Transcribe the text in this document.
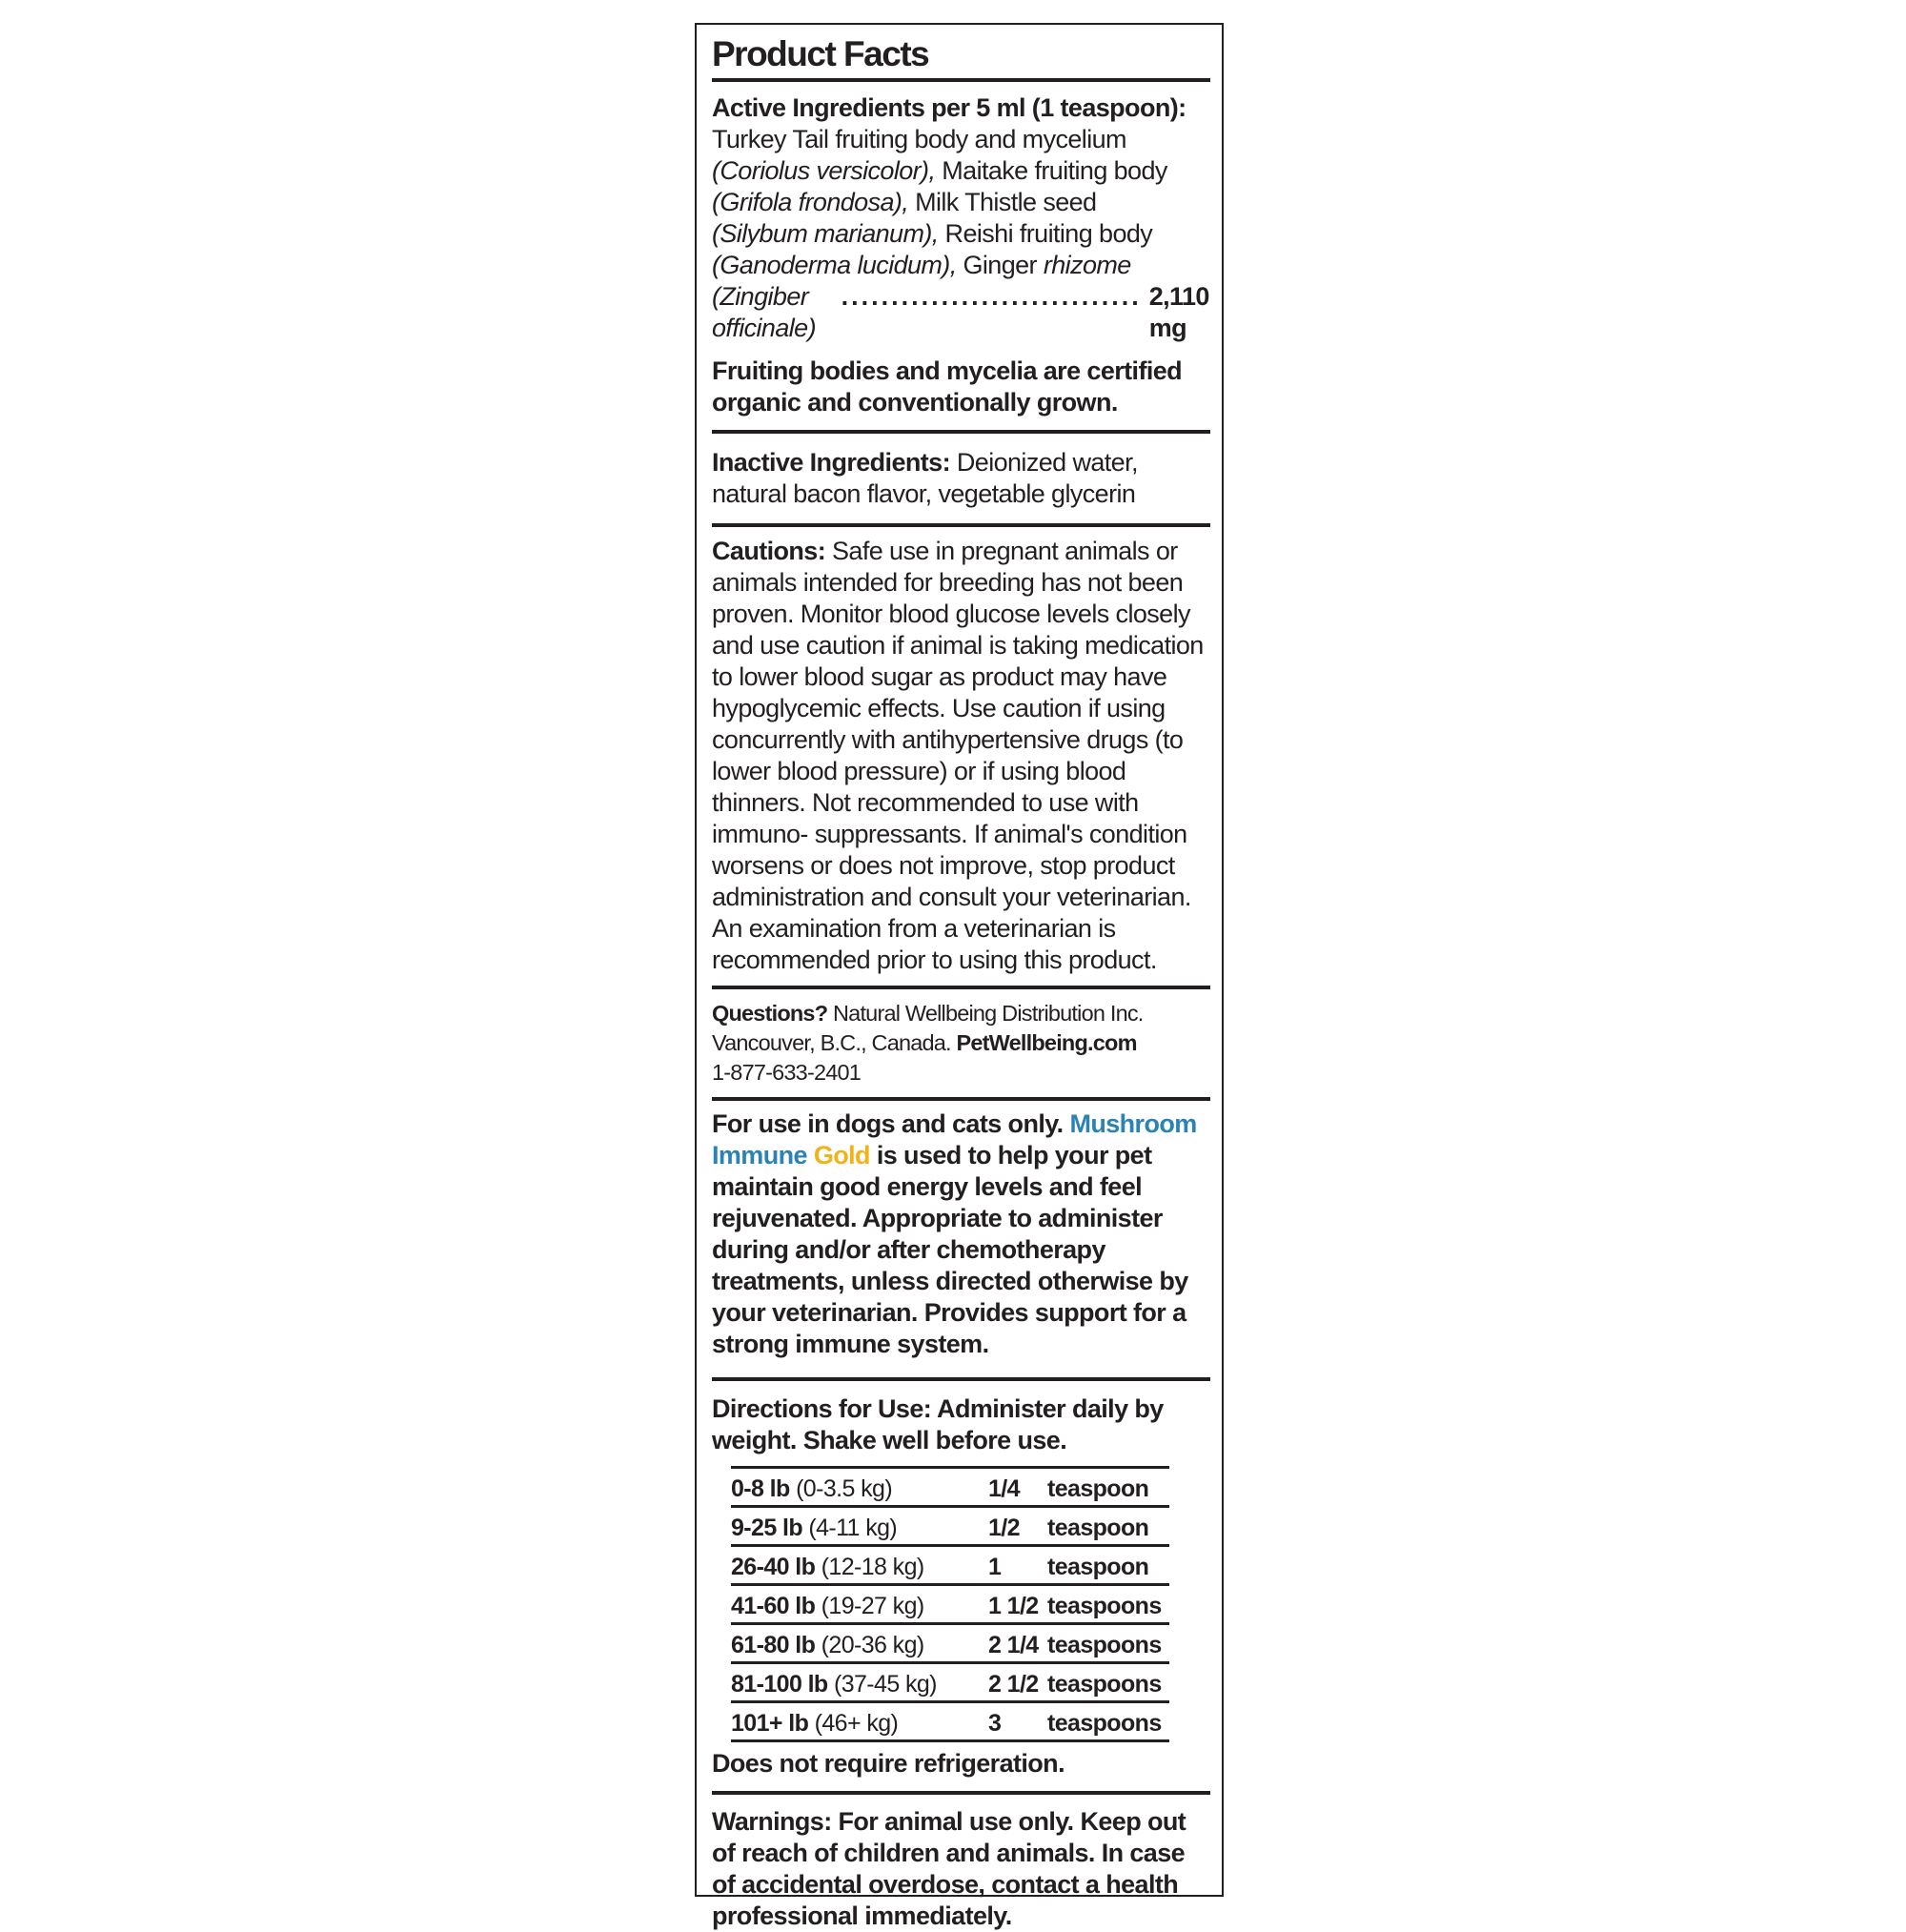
Product Facts
Active Ingredients per 5 ml (1 teaspoon):
Turkey Tail fruiting body and mycelium
(Coriolus versicolor), Maitake fruiting body
(Grifola frondosa), Milk Thistle seed
(Silybum marianum), Reishi fruiting body
(Ganoderma lucidum), Ginger rhizome
(Zingiber officinale)
.............................. 2,110 mg
Fruiting bodies and mycelia are certified organic and conventionally grown.
Inactive Ingredients: Deionized water, natural bacon flavor, vegetable glycerin
Cautions: Safe use in pregnant animals or animals intended for breeding has not been proven. Monitor blood glucose levels closely and use caution if animal is taking medication to lower blood sugar as product may have hypoglycemic effects. Use caution if using concurrently with antihypertensive drugs (to lower blood pressure) or if using blood thinners. Not recommended to use with immuno- suppressants. If animal's condition worsens or does not improve, stop product administration and consult your veterinarian. An examination from a veterinarian is recommended prior to using this product.
Questions? Natural Wellbeing Distribution Inc.
Vancouver, B.C., Canada. PetWellbeing.com
1-877-633-2401
For use in dogs and cats only. Mushroom Immune Gold is used to help your pet maintain good energy levels and feel rejuvenated. Appropriate to administer during and/or after chemotherapy treatments, unless directed otherwise by your veterinarian. Provides support for a strong immune system.
Directions for Use: Administer daily by weight. Shake well before use.
0-8 lb (0-3.5 kg)	1/4	teaspoon
9-25 lb (4-11 kg)	1/2	teaspoon
26-40 lb (12-18 kg)	1	teaspoon
41-60 lb (19-27 kg)	1 1/2	teaspoons
61-80 lb (20-36 kg)	2 1/4	teaspoons
81-100 lb (37-45 kg)	2 1/2	teaspoons
101+ lb (46+ kg)	3	teaspoons
Does not require refrigeration.
Warnings: For animal use only. Keep out of reach of children and animals. In case of accidental overdose, contact a health professional immediately.
